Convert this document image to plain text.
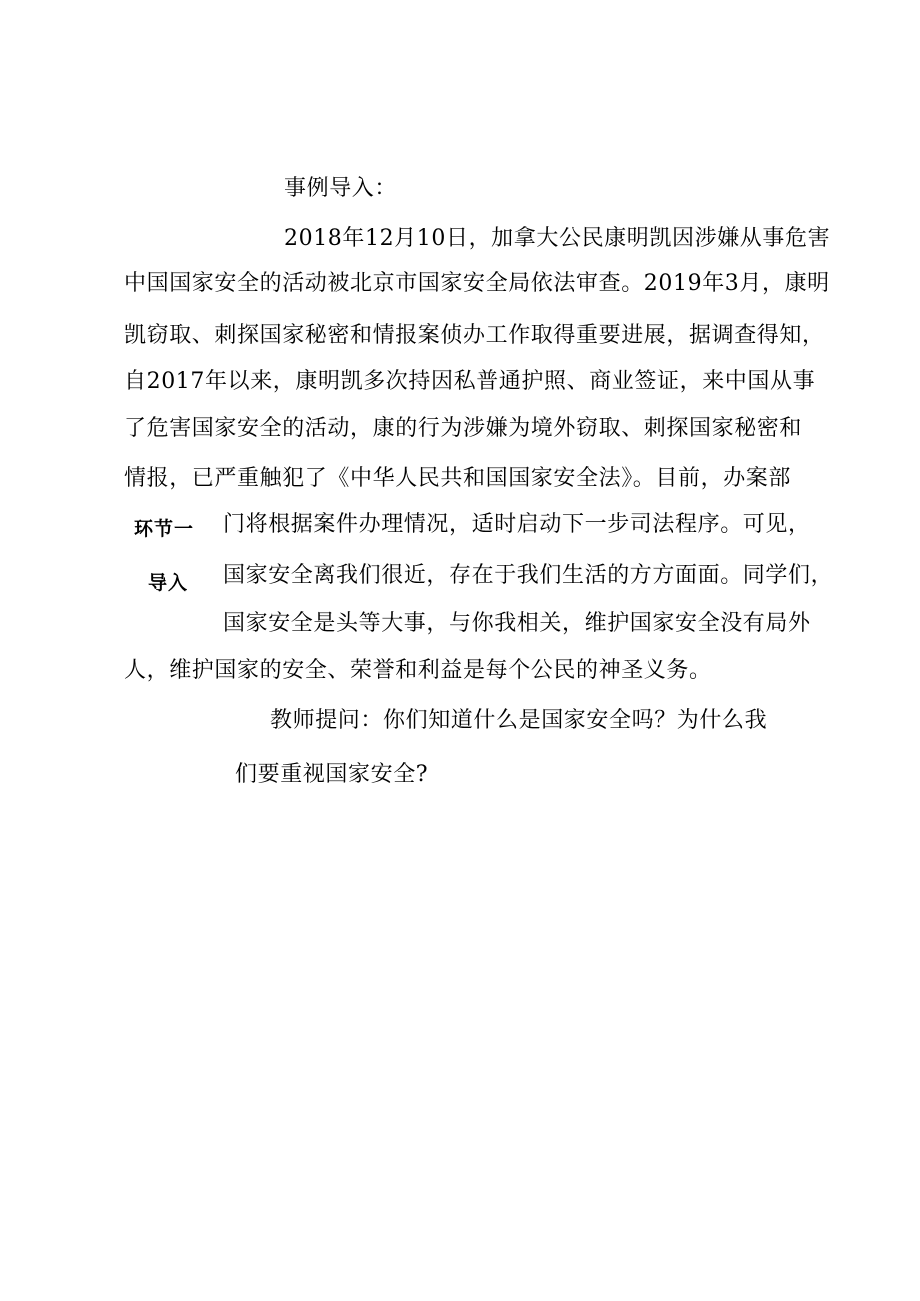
事例导入：
2018年12月10日，加拿大公民康明凯因涉嫌从事危害
中国国家安全的活动被北京市国家安全局依法审查。2019年3月，康明
凯窃取、刺探国家秘密和情报案侦办工作取得重要进展，据调查得知，
自2017年以来，康明凯多次持因私普通护照、商业签证，来中国从事
了危害国家安全的活动，康的行为涉嫌为境外窃取、刺探国家秘密和
情报，已严重触犯了《中华人民共和国国家安全法》。目前，办案部
环节一 门将根据案件办理情况，适时启动下一步司法程序。可见，
导入 国家安全离我们很近，存在于我们生活的方方面面。同学们，
国家安全是头等大事，与你我相关，维护国家安全没有局外
人，维护国家的安全、荣誉和利益是每个公民的神圣义务。
教师提问：你们知道什么是国家安全吗？为什么我
们要重视国家安全?
